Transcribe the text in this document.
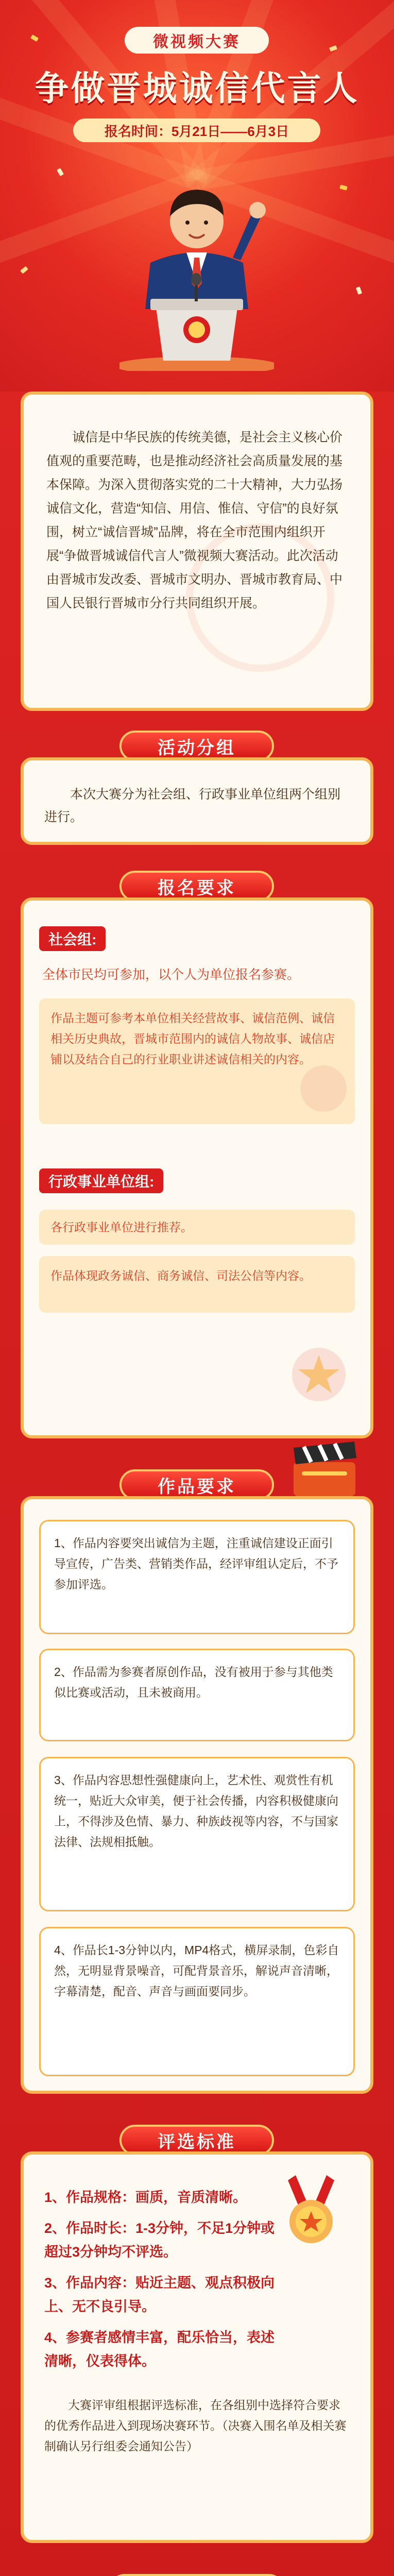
微视频大赛
争做晋城诚信代言人
报名时间：5月21日——6月3日

诚信是中华民族的传统美德，是社会主义核心价值观的重要范畴，也是推动经济社会高质量发展的基本保障。为深入贯彻落实党的二十大精神，大力弘扬诚信文化，营造“知信、用信、惟信、守信”的良好氛围，树立“诚信晋城”品牌，将在全市范围内组织开展“争做晋城诚信代言人”微视频大赛活动。此次活动由晋城市发改委、晋城市文明办、晋城市教育局、中国人民银行晋城市分行共同组织开展。

活动分组
本次大赛分为社会组、行政事业单位组两个组别进行。
报名要求
社会组:
全体市民均可参加，以个人为单位报名参赛。
作品主题可参考本单位相关经营故事、诚信范例、诚信相关历史典故，晋城市范围内的诚信人物故事、诚信店铺以及结合自己的行业职业讲述诚信相关的内容。
行政事业单位组:
各行政事业单位进行推荐。
作品体现政务诚信、商务诚信、司法公信等内容。
作品要求
1、作品内容要突出诚信为主题，注重诚信建设正面引导宣传，广告类、营销类作品，经评审组认定后，不予参加评选。
2、作品需为参赛者原创作品，没有被用于参与其他类似比赛或活动，且未被商用。
3、作品内容思想性强健康向上，艺术性、观赏性有机统一，贴近大众审美，便于社会传播，内容积极健康向上，不得涉及色情、暴力、种族歧视等内容，不与国家法律、法规相抵触。
4、作品长1-3分钟以内，MP4格式，横屏录制，色彩自然，无明显背景噪音，可配背景音乐，解说声音清晰，字幕清楚，配音、声音与画面要同步。
评选标准
1、作品规格：画质，音质清晰。
2、作品时长：1-3分钟，不足1分钟或超过3分钟均不评选。
3、作品内容：贴近主题、观点积极向上、无不良引导。
4、参赛者感情丰富，配乐恰当，表述清晰，仪表得体。
大赛评审组根据评选标准，在各组别中选择符合要求的优秀作品进入到现场决赛环节。（决赛入围名单及相关赛制确认另行组委会通知公告）
